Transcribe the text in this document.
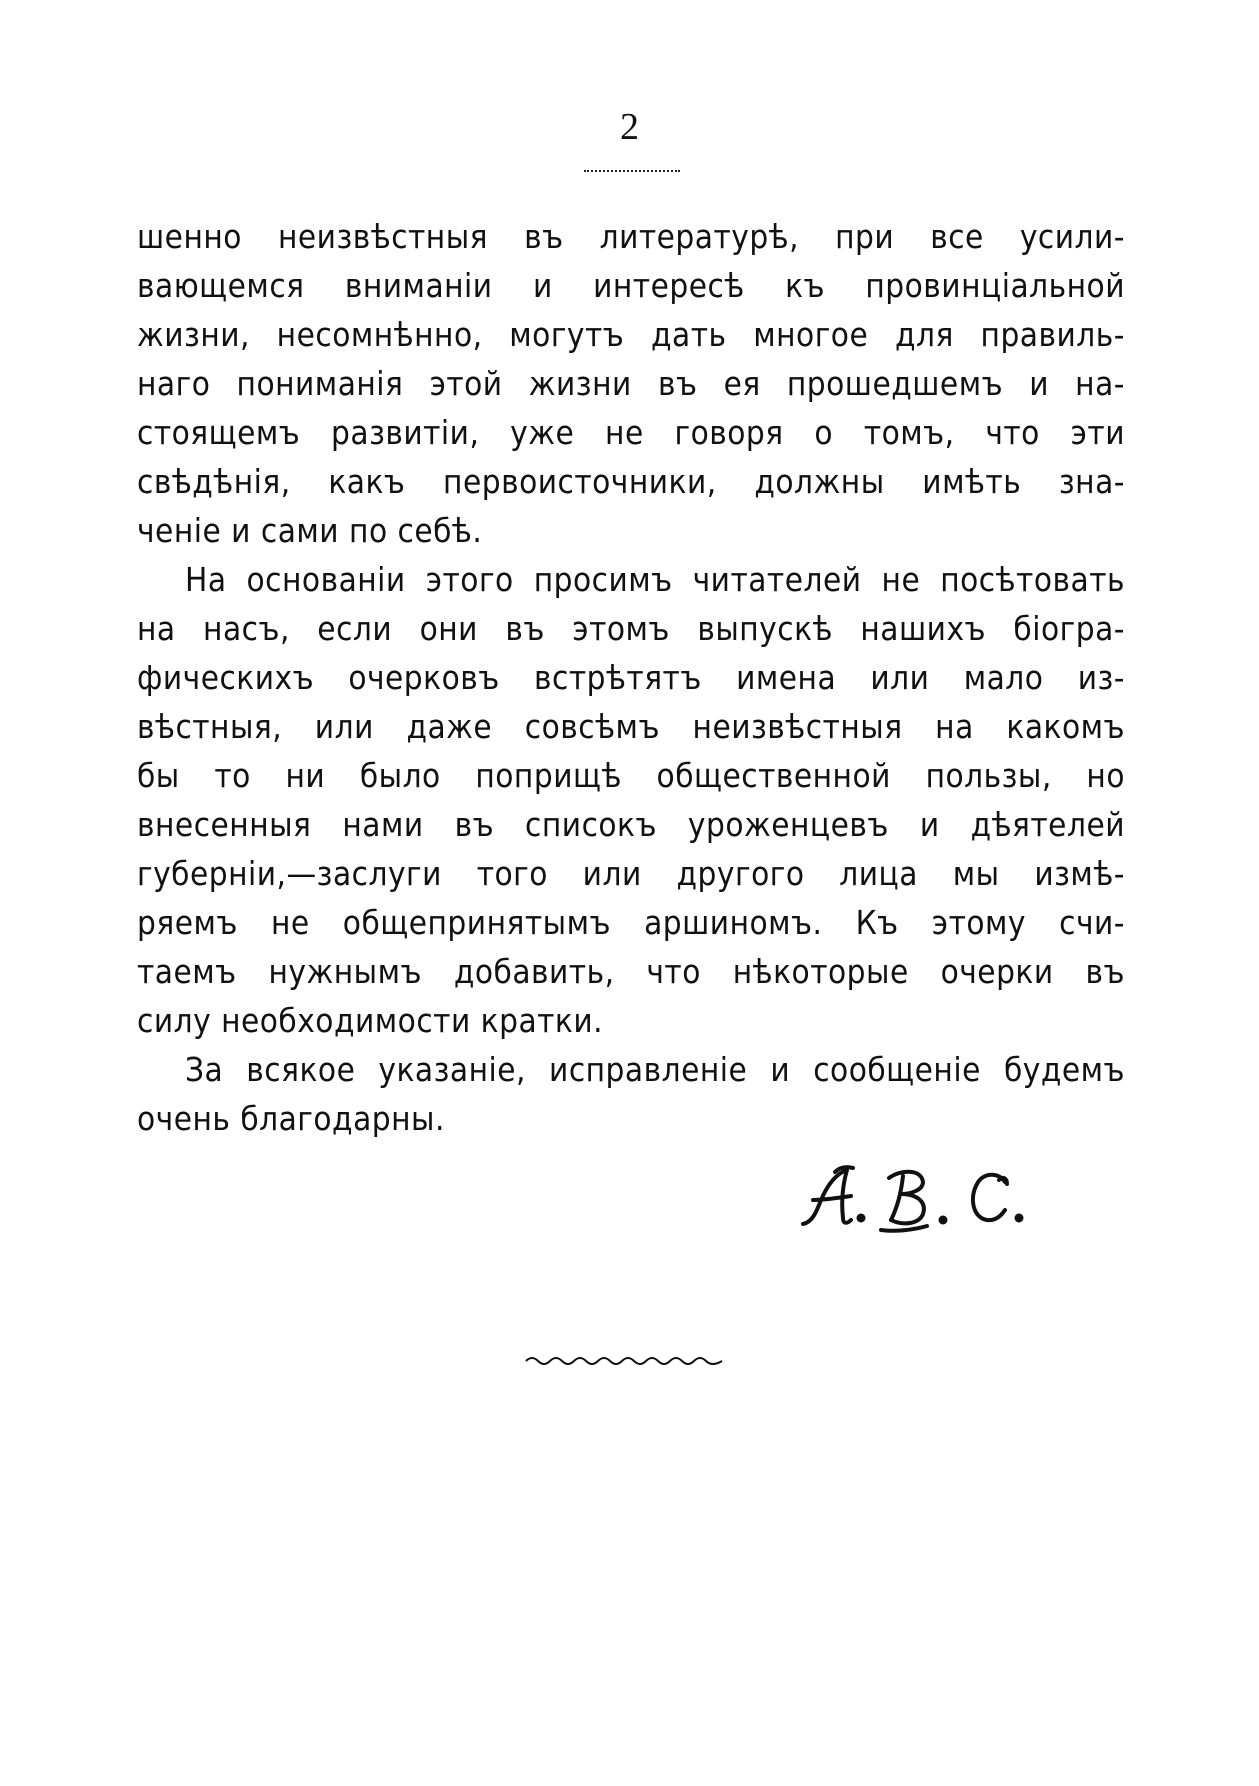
2
шенно неизвѣстныя въ литературѣ, при все усили-
вающемся вниманіи и интересѣ къ провинціальной
жизни, несомнѣнно, могутъ дать многое для правиль-
наго пониманія этой жизни въ ея прошедшемъ и на-
стоящемъ развитіи, уже не говоря о томъ, что эти
свѣдѣнія, какъ первоисточники, должны имѣть зна-
ченіе и сами по себѣ.
На основаніи этого просимъ читателей не посѣтовать
на насъ, если они въ этомъ выпускѣ нашихъ біогра-
фическихъ очерковъ встрѣтятъ имена или мало из-
вѣстныя, или даже совсѣмъ неизвѣстныя на какомъ
бы то ни было поприщѣ общественной пользы, но
внесенныя нами въ списокъ уроженцевъ и дѣятелей
губерніи,—заслуги того или другого лица мы измѣ-
ряемъ не общепринятымъ аршиномъ. Къ этому счи-
таемъ нужнымъ добавить, что нѣкоторые очерки въ
силу необходимости кратки.
За всякое указаніе, исправленіе и сообщеніе будемъ
очень благодарны.
